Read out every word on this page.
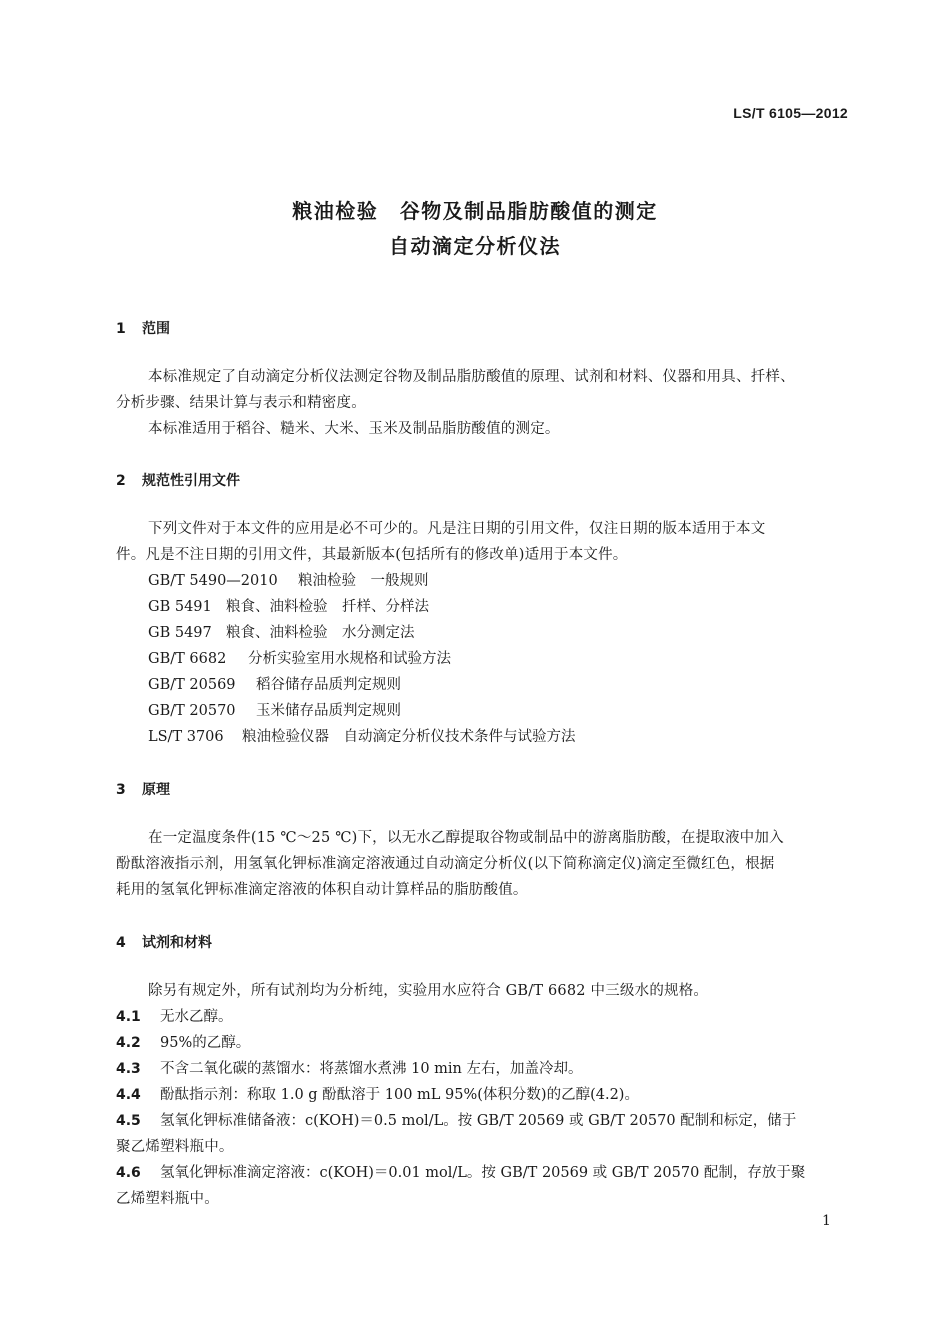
LS/T 6105—2012
粮油检验　谷物及制品脂肪酸值的测定
自动滴定分析仪法
1 范围
本标准规定了自动滴定分析仪法测定谷物及制品脂肪酸值的原理、试剂和材料、仪器和用具、扦样、
分析步骤、结果计算与表示和精密度。
本标准适用于稻谷、糙米、大米、玉米及制品脂肪酸值的测定。
2 规范性引用文件
下列文件对于本文件的应用是必不可少的。凡是注日期的引用文件，仅注日期的版本适用于本文
件。凡是不注日期的引用文件，其最新版本(包括所有的修改单)适用于本文件。
GB/T 5490—2010 粮油检验　一般规则
GB 5491 粮食、油料检验　扦样、分样法
GB 5497 粮食、油料检验　水分测定法
GB/T 6682 分析实验室用水规格和试验方法
GB/T 20569 稻谷储存品质判定规则
GB/T 20570 玉米储存品质判定规则
LS/T 3706 粮油检验仪器　自动滴定分析仪技术条件与试验方法
3 原理
在一定温度条件(15 ℃～25 ℃)下，以无水乙醇提取谷物或制品中的游离脂肪酸，在提取液中加入
酚酞溶液指示剂，用氢氧化钾标准滴定溶液通过自动滴定分析仪(以下简称滴定仪)滴定至微红色，根据
耗用的氢氧化钾标准滴定溶液的体积自动计算样品的脂肪酸值。
4 试剂和材料
除另有规定外，所有试剂均为分析纯，实验用水应符合 GB/T 6682 中三级水的规格。
4.1 无水乙醇。
4.2 95%的乙醇。
4.3 不含二氧化碳的蒸馏水：将蒸馏水煮沸 10 min 左右，加盖冷却。
4.4 酚酞指示剂：称取 1.0 g 酚酞溶于 100 mL 95%(体积分数)的乙醇(4.2)。
4.5 氢氧化钾标准储备液：c(KOH)＝0.5 mol/L。按 GB/T 20569 或 GB/T 20570 配制和标定，储于
聚乙烯塑料瓶中。
4.6 氢氧化钾标准滴定溶液：c(KOH)＝0.01 mol/L。按 GB/T 20569 或 GB/T 20570 配制，存放于聚
乙烯塑料瓶中。
1
